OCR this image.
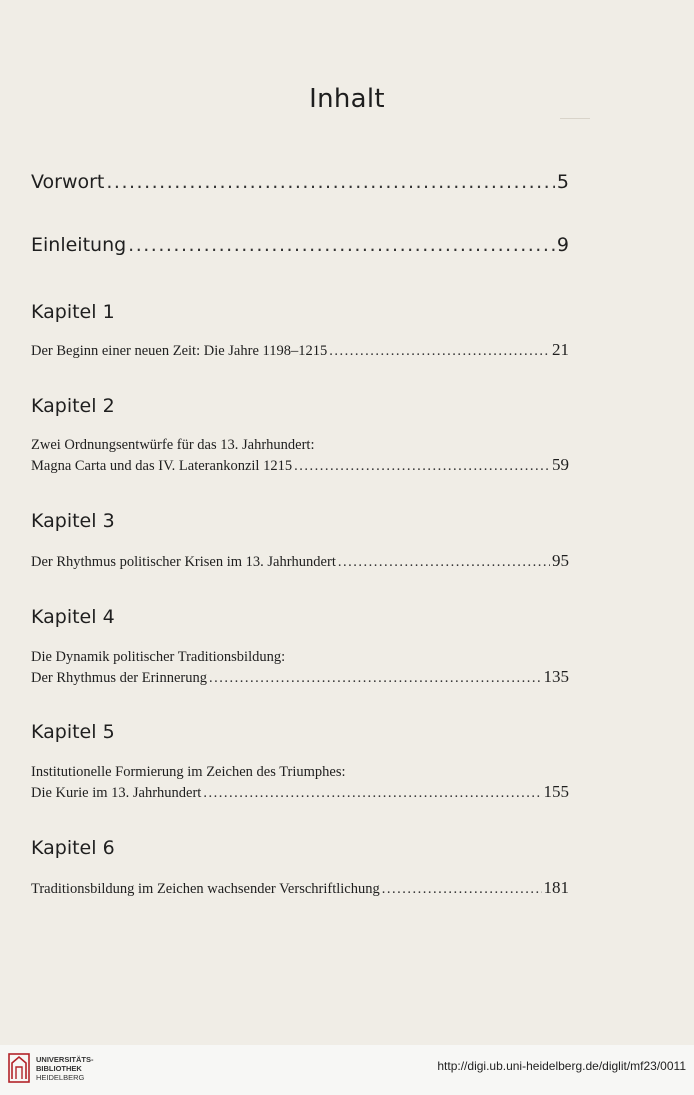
Inhalt
Vorwort .....	5
Einleitung .....	9
Kapitel 1
Der Beginn einer neuen Zeit: Die Jahre 1198–1215 .....	21
Kapitel 2
Zwei Ordnungsentwürfe für das 13. Jahrhundert:
Magna Carta und das IV. Laterankonzil 1215 .....	59
Kapitel 3
Der Rhythmus politischer Krisen im 13. Jahrhundert .....	95
Kapitel 4
Die Dynamik politischer Traditionsbildung:
Der Rhythmus der Erinnerung .....	135
Kapitel 5
Institutionelle Formierung im Zeichen des Triumphes:
Die Kurie im 13. Jahrhundert .....	155
Kapitel 6
Traditionsbildung im Zeichen wachsender Verschriftlichung .....	181
UNIVERSITÄTS-
BIBLIOTHEK
HEIDELBERG
http://digi.ub.uni-heidelberg.de/diglit/mf23/0011
